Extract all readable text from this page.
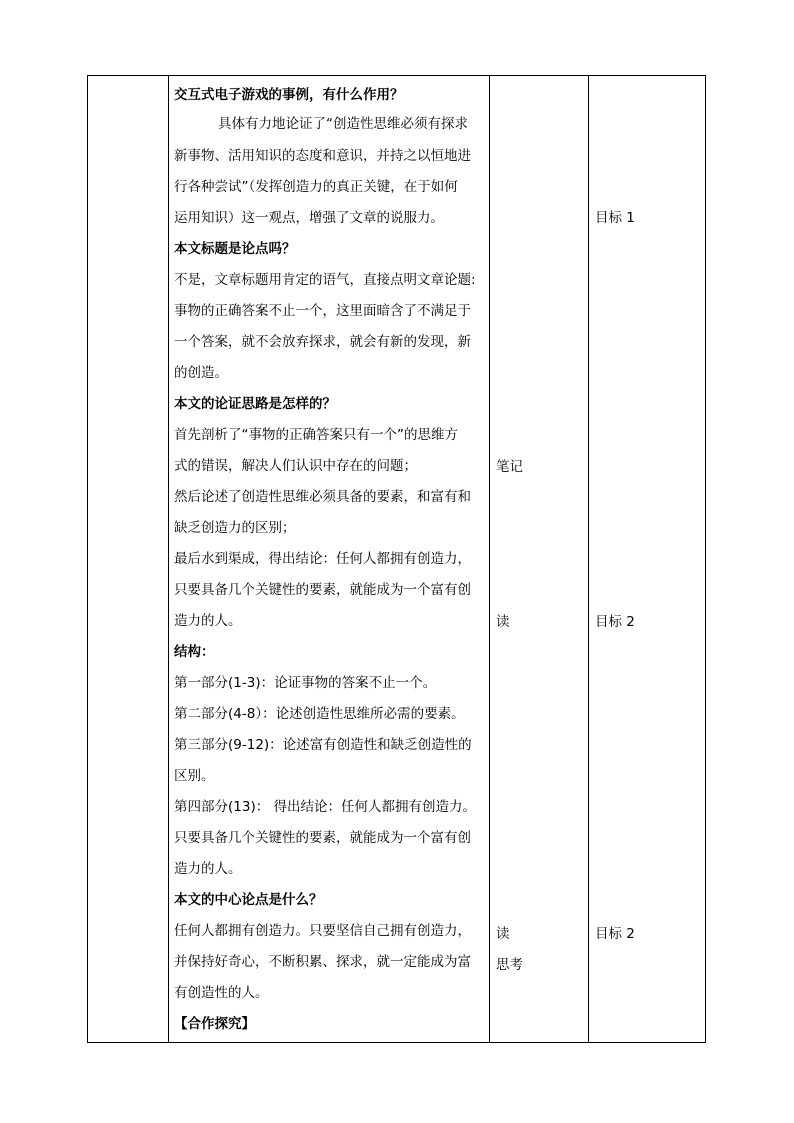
交互式电子游戏的事例，有什么作用？
具体有力地论证了“创造性思维必须有探求
新事物、活用知识的态度和意识，并持之以恒地进
行各种尝试”（发挥创造力的真正关键，在于如何
运用知识）这一观点，增强了文章的说服力。
本文标题是论点吗？
不是，文章标题用肯定的语气，直接点明文章论题:
事物的正确答案不止一个，这里面暗含了不满足于
一个答案，就不会放弃探求，就会有新的发现，新
的创造。
本文的论证思路是怎样的？
首先剖析了“事物的正确答案只有一个”的思维方
式的错误，解决人们认识中存在的问题；
然后论述了创造性思维必须具备的要素，和富有和
缺乏创造力的区别；
最后水到渠成，得出结论：任何人都拥有创造力，
只要具备几个关键性的要素，就能成为一个富有创
造力的人。
结构：
第一部分(1-3)：论证事物的答案不止一个。
第二部分(4-8）：论述创造性思维所必需的要素。
第三部分(9-12)：论述富有创造性和缺乏创造性的
区别。
第四部分(13)： 得出结论：任何人都拥有创造力。
只要具备几个关键性的要素，就能成为一个富有创
造力的人。
本文的中心论点是什么？
任何人都拥有创造力。只要坚信自己拥有创造力，
并保持好奇心，不断积累、探求，就一定能成为富
有创造性的人。
【合作探究】
笔记
读
读
思考
目标 1
目标 2
目标 2
